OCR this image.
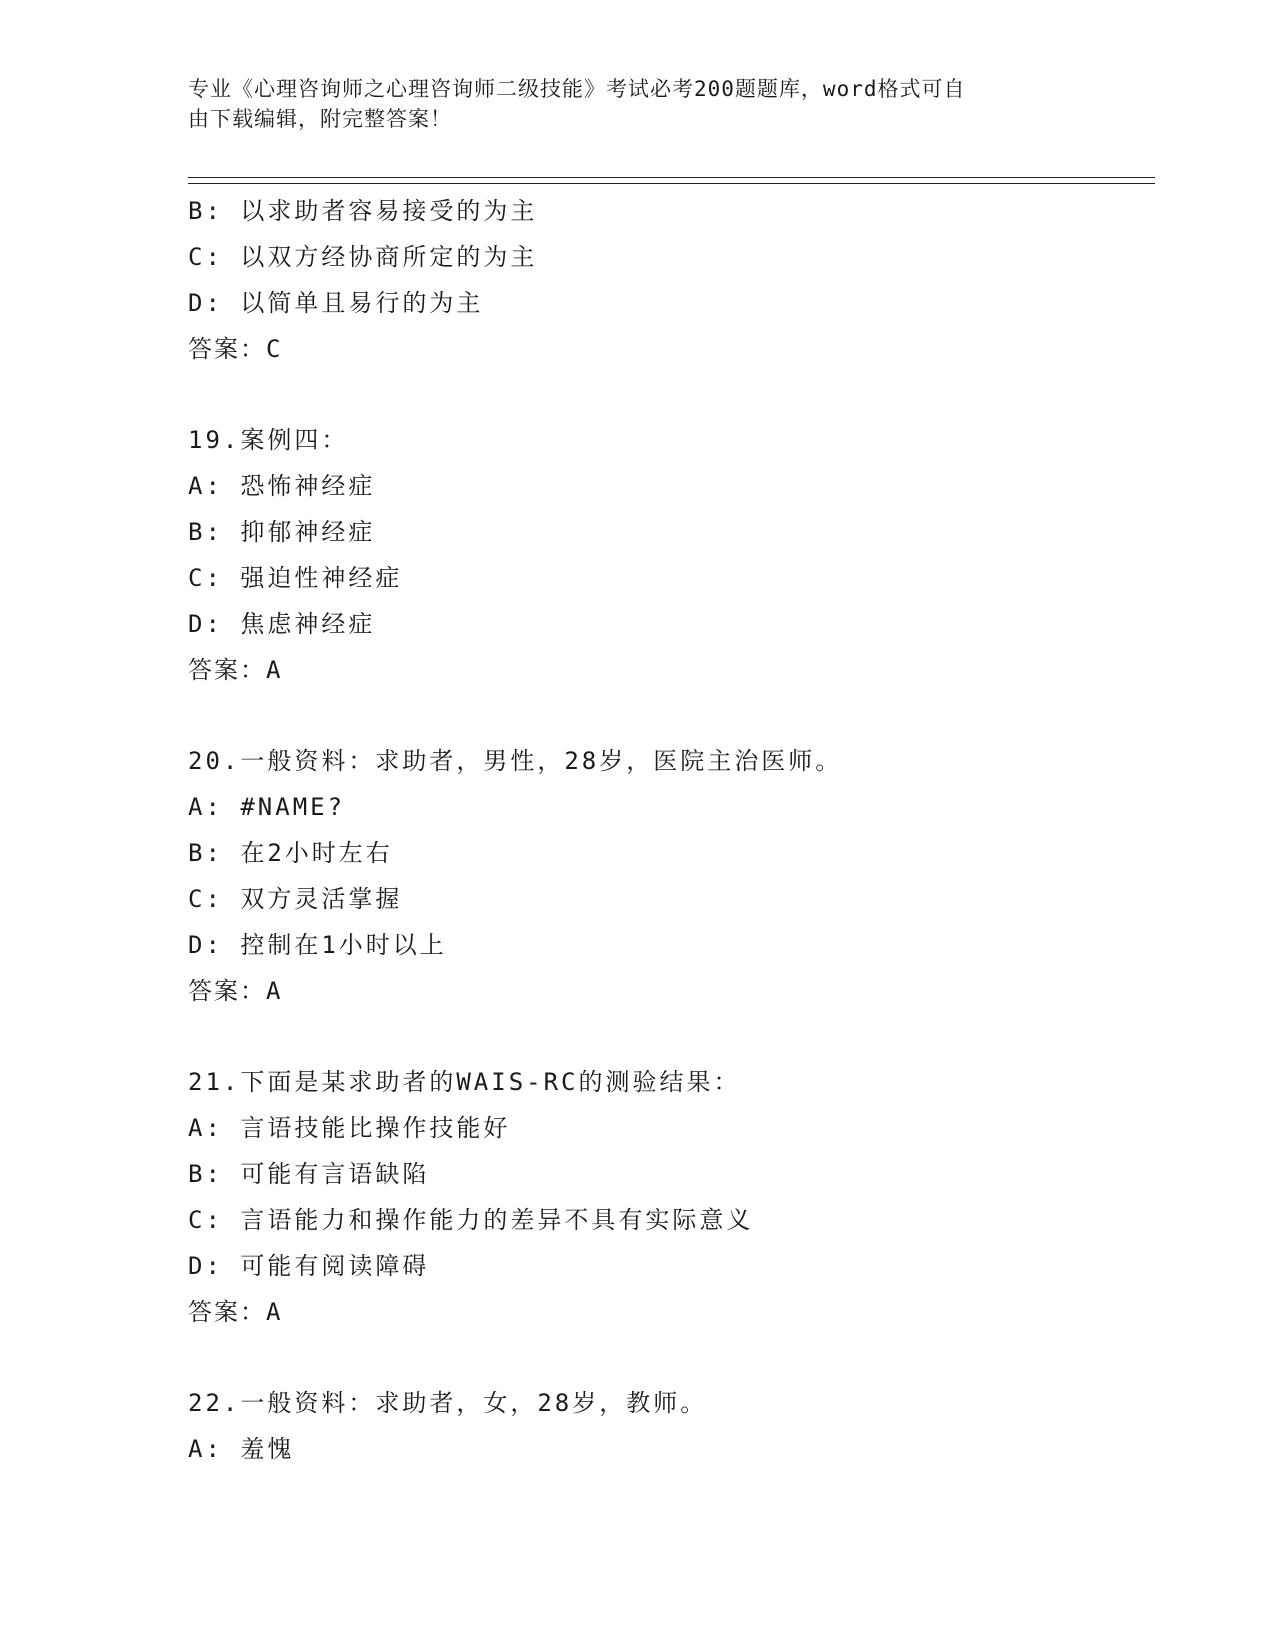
专业《心理咨询师之心理咨询师二级技能》考试必考200题题库，word格式可自
由下载编辑，附完整答案！
B: 以求助者容易接受的为主
C: 以双方经协商所定的为主
D: 以简单且易行的为主
答案：C
19.案例四：
A: 恐怖神经症
B: 抑郁神经症
C: 强迫性神经症
D: 焦虑神经症
答案：A
20.一般资料：求助者，男性，28岁，医院主治医师。
A: #NAME?
B: 在2小时左右
C: 双方灵活掌握
D: 控制在1小时以上
答案：A
21.下面是某求助者的WAIS-RC的测验结果：
A: 言语技能比操作技能好
B: 可能有言语缺陷
C: 言语能力和操作能力的差异不具有实际意义
D: 可能有阅读障碍
答案：A
22.一般资料：求助者，女，28岁，教师。
A: 羞愧
